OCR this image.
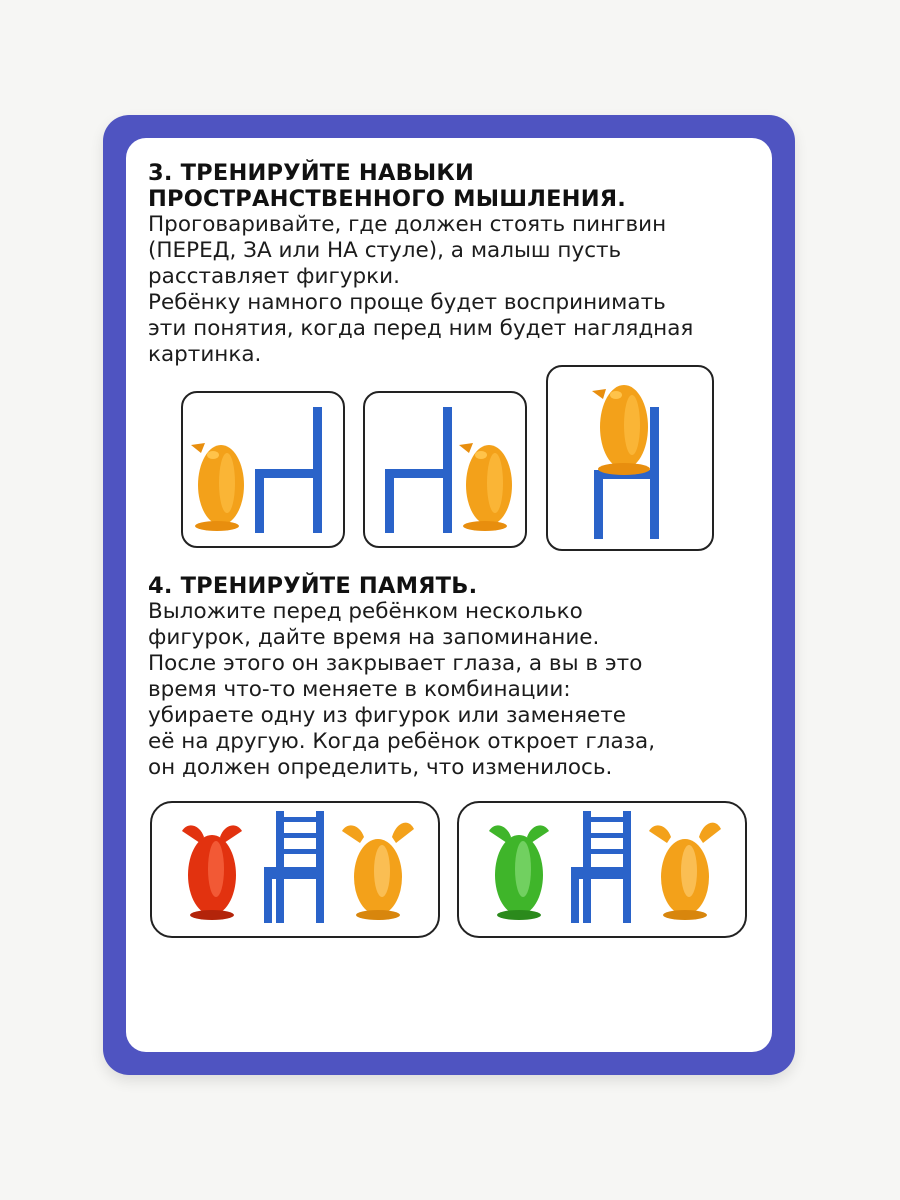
3. ТРЕНИРУЙТЕ НАВЫКИ

ПРОСТРАНСТВЕННОГО МЫШЛЕНИЯ.

Проговаривайте, где должен стоять пингвин

(ПЕРЕД, ЗА или НА стуле), а малыш пусть

расставляет фигурки.

Ребёнку намного проще будет воспринимать

эти понятия, когда перед ним будет наглядная

картинка.

4. ТРЕНИРУЙТЕ ПАМЯТЬ.

Выложите перед ребёнком несколько

фигурок, дайте время на запоминание.

После этого он закрывает глаза, а вы в это

время что-то меняете в комбинации:

убираете одну из фигурок или заменяете

её на другую. Когда ребёнок откроет глаза,

он должен определить, что изменилось.
